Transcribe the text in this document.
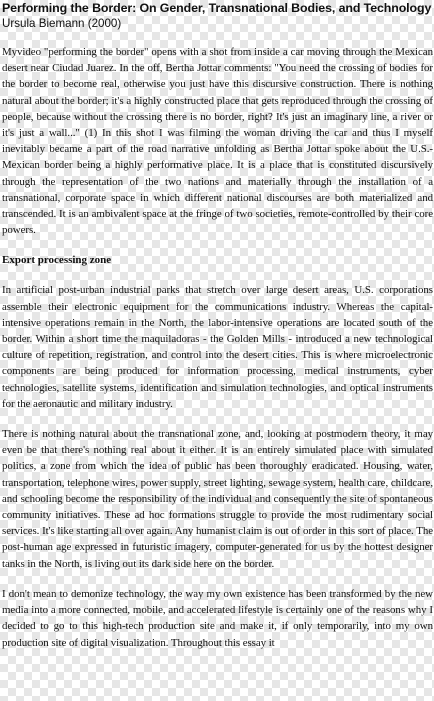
Performing the Border: On Gender, Transnational Bodies, and Technology
Ursula Biemann (2000)

Myvideo "performing the border" opens with a shot from inside a car moving through the Mexican desert near Ciudad Juarez. In the off, Bertha Jottar comments: "You need the crossing of bodies for the border to become real, otherwise you just have this discursive construction. There is nothing natural about the border; it's a highly constructed place that gets reproduced through the crossing of people, because without the crossing there is no border, right? It's just an imaginary line, a river or it's just a wall..." (1) In this shot I was filming the woman driving the car and thus I myself inevitably became a part of the road narrative unfolding as Bertha Jottar spoke about the U.S.-Mexican border being a highly performative place. It is a place that is constituted discursively through the representation of the two nations and materially through the installation of a transnational, corporate space in which different national discourses are both materialized and transcended. It is an ambivalent space at the fringe of two societies, remote-controlled by their core powers.

Export processing zone

In artificial post-urban industrial parks that stretch over large desert areas, U.S. corporations assemble their electronic equipment for the communications industry. Whereas the capital- intensive operations remain in the North, the labor-intensive operations are located south of the border. Within a short time the maquiladoras - the Golden Mills - introduced a new technological culture of repetition, registration, and control into the desert cities. This is where microelectronic components are being produced for information processing, medical instruments, cyber technologies, satellite systems, identification and simulation technologies, and optical instruments for the aeronautic and military industry.

There is nothing natural about the transnational zone, and, looking at postmodern theory, it may even be that there's nothing real about it either. It is an entirely simulated place with simulated politics, a zone from which the idea of public has been thoroughly eradicated. Housing, water, transportation, telephone wires, power supply, street lighting, sewage system, health care, childcare, and schooling become the responsibility of the individual and consequently the site of spontaneous community initiatives. These ad hoc formations struggle to provide the most rudimentary social services. It's like starting all over again. Any humanist claim is out of order in this sort of place. The post-human age expressed in futuristic imagery, computer-generated for us by the hottest designer tanks in the North, is living out its dark side here on the border.

I don't mean to demonize technology, the way my own existence has been transformed by the new media into a more connected, mobile, and accelerated lifestyle is certainly one of the reasons why I decided to go to this high-tech production site and make it, if only temporarily, into my own production site of digital visualization. Throughout this essay it
